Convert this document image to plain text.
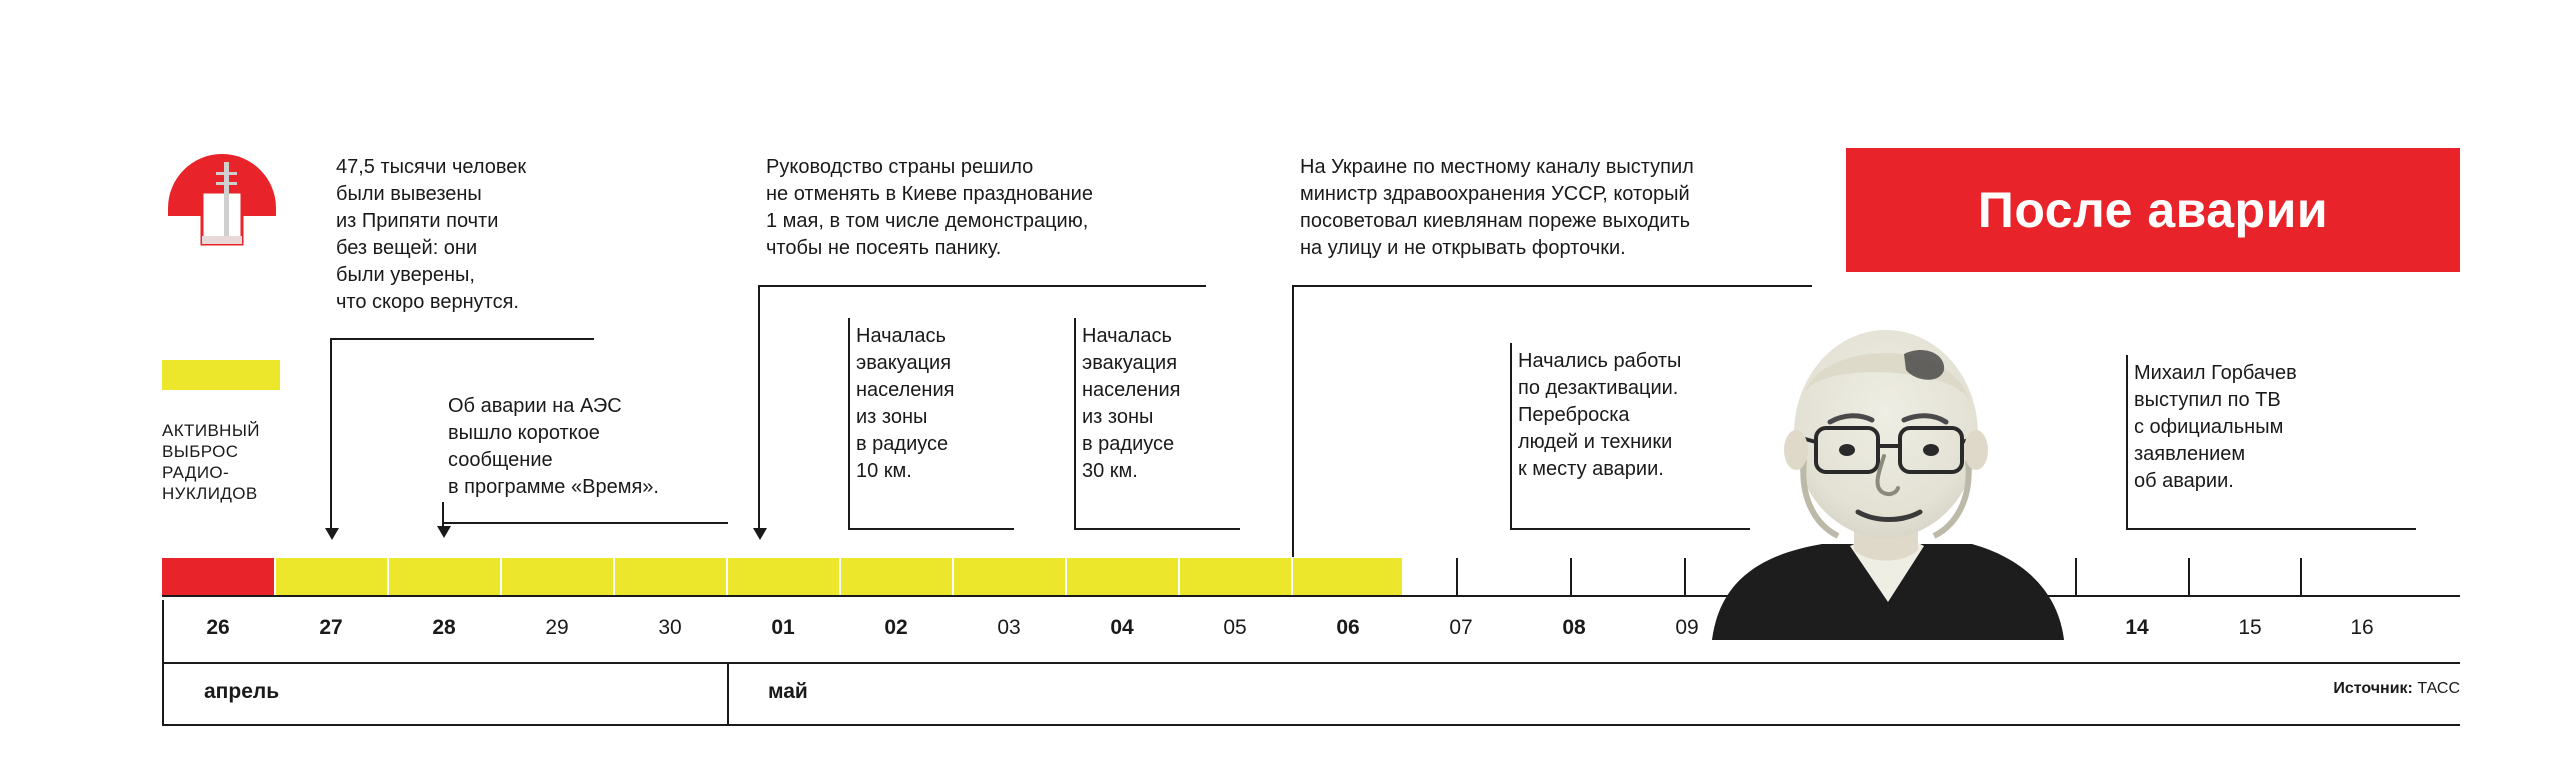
После аварии
АКТИВНЫЙ
ВЫБРОС
РАДИО-
НУКЛИДОВ
26	27	28	29	30	01	02	03	04	05	06	07	08	09	14	15	16
апрель	май	Источник: ТАСС
47,5 тысячи человек
были вывезены
из Припяти почти
без вещей: они
были уверены,
что скоро вернутся.
Об аварии на АЭС
вышло короткое
сообщение
в программе «Время».
Руководство страны решило
не отменять в Киеве празднование
1 мая, в том числе демонстрацию,
чтобы не посеять панику.
Началась
эвакуация
населения
из зоны
в радиусе
10 км.
Началась
эвакуация
населения
из зоны
в радиусе
30 км.
На Украине по местному каналу выступил
министр здравоохранения УССР, который
посоветовал киевлянам пореже выходить
на улицу и не открывать форточки.
Начались работы
по дезактивации.
Переброска
людей и техники
к месту аварии.
Михаил Горбачев
выступил по ТВ
с официальным
заявлением
об аварии.
